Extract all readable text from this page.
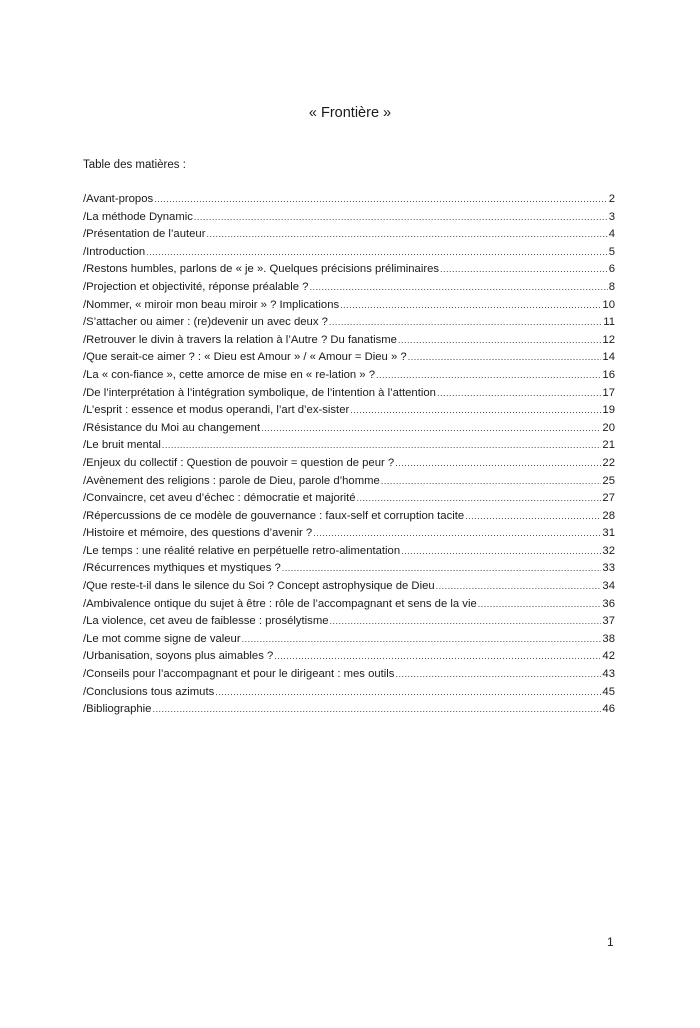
« Frontière »
Table des matières :
/Avant-propos .....	2
/La méthode Dynamic .....	3
/Présentation de l’auteur .....	4
/Introduction .....	5
/Restons humbles, parlons de « je ». Quelques précisions préliminaires .....	6
/Projection et objectivité, réponse préalable ? .....	8
/Nommer, « miroir mon beau miroir » ? Implications .....	10
/S’attacher ou aimer : (re)devenir un avec deux ? .....	11
/Retrouver le divin à travers la relation à l’Autre ? Du fanatisme .....	12
/Que serait-ce aimer ? : « Dieu est Amour » / « Amour = Dieu » ? .....	14
/La « con-fiance », cette amorce de mise en « re-lation » ? .....	16
/De l’interprétation à l’intégration symbolique, de l’intention à l’attention .....	17
/L’esprit : essence et modus operandi, l’art d’ex-sister .....	19
/Résistance du Moi au changement .....	20
/Le bruit mental .....	21
/Enjeux du collectif : Question de pouvoir = question de peur ? .....	22
/Avènement des religions : parole de Dieu, parole d’homme .....	25
/Convaincre, cet aveu d’échec : démocratie et majorité .....	27
/Répercussions de ce modèle de gouvernance : faux-self et corruption tacite .....	28
/Histoire et mémoire, des questions d’avenir ? .....	31
/Le temps : une réalité relative en perpétuelle retro-alimentation .....	32
/Récurrences mythiques et mystiques ? .....	33
/Que reste-t-il dans le silence du Soi ? Concept astrophysique de Dieu .....	34
/Ambivalence ontique du sujet à être : rôle de l’accompagnant et sens de la vie .....	36
/La violence, cet aveu de faiblesse : prosélytisme .....	37
/Le mot comme signe de valeur .....	38
/Urbanisation, soyons plus aimables ? .....	42
/Conseils pour l’accompagnant et pour le dirigeant : mes outils .....	43
/Conclusions tous azimuts .....	45
/Bibliographie .....	46
1
